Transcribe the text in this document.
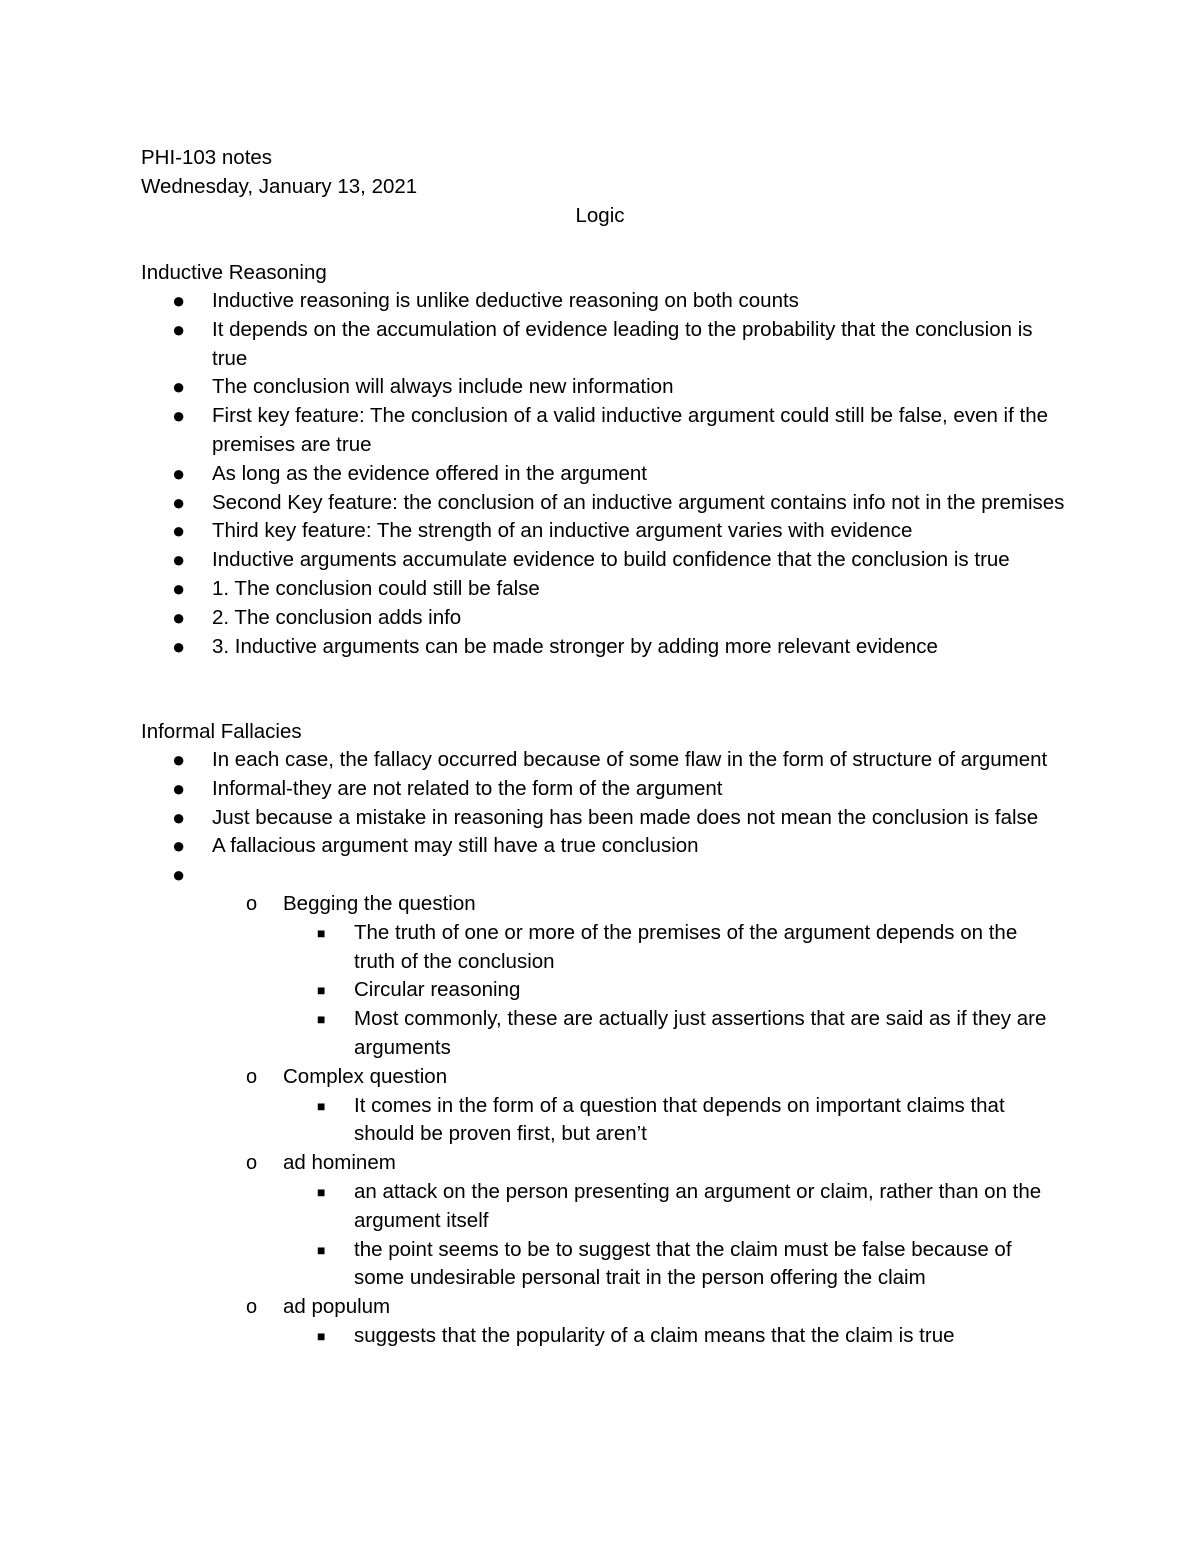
PHI-103 notes
Wednesday, January 13, 2021
Logic
Inductive Reasoning
● Inductive reasoning is unlike deductive reasoning on both counts
● It depends on the accumulation of evidence leading to the probability that the conclusion is true
● The conclusion will always include new information
● First key feature: The conclusion of a valid inductive argument could still be false, even if the premises are true
● As long as the evidence offered in the argument
● Second Key feature: the conclusion of an inductive argument contains info not in the premises
● Third key feature: The strength of an inductive argument varies with evidence
● Inductive arguments accumulate evidence to build confidence that the conclusion is true
● 1. The conclusion could still be false
● 2. The conclusion adds info
● 3. Inductive arguments can be made stronger by adding more relevant evidence
Informal Fallacies
● In each case, the fallacy occurred because of some flaw in the form of structure of argument
● Informal-they are not related to the form of the argument
● Just because a mistake in reasoning has been made does not mean the conclusion is false
● A fallacious argument may still have a true conclusion
●

o Begging the question
■ The truth of one or more of the premises of the argument depends on the truth of the conclusion
■ Circular reasoning
■ Most commonly, these are actually just assertions that are said as if they are arguments
o Complex question
■ It comes in the form of a question that depends on important claims that should be proven first, but aren’t
o ad hominem
■ an attack on the person presenting an argument or claim, rather than on the argument itself
■ the point seems to be to suggest that the claim must be false because of some undesirable personal trait in the person offering the claim
o ad populum
■ suggests that the popularity of a claim means that the claim is true
